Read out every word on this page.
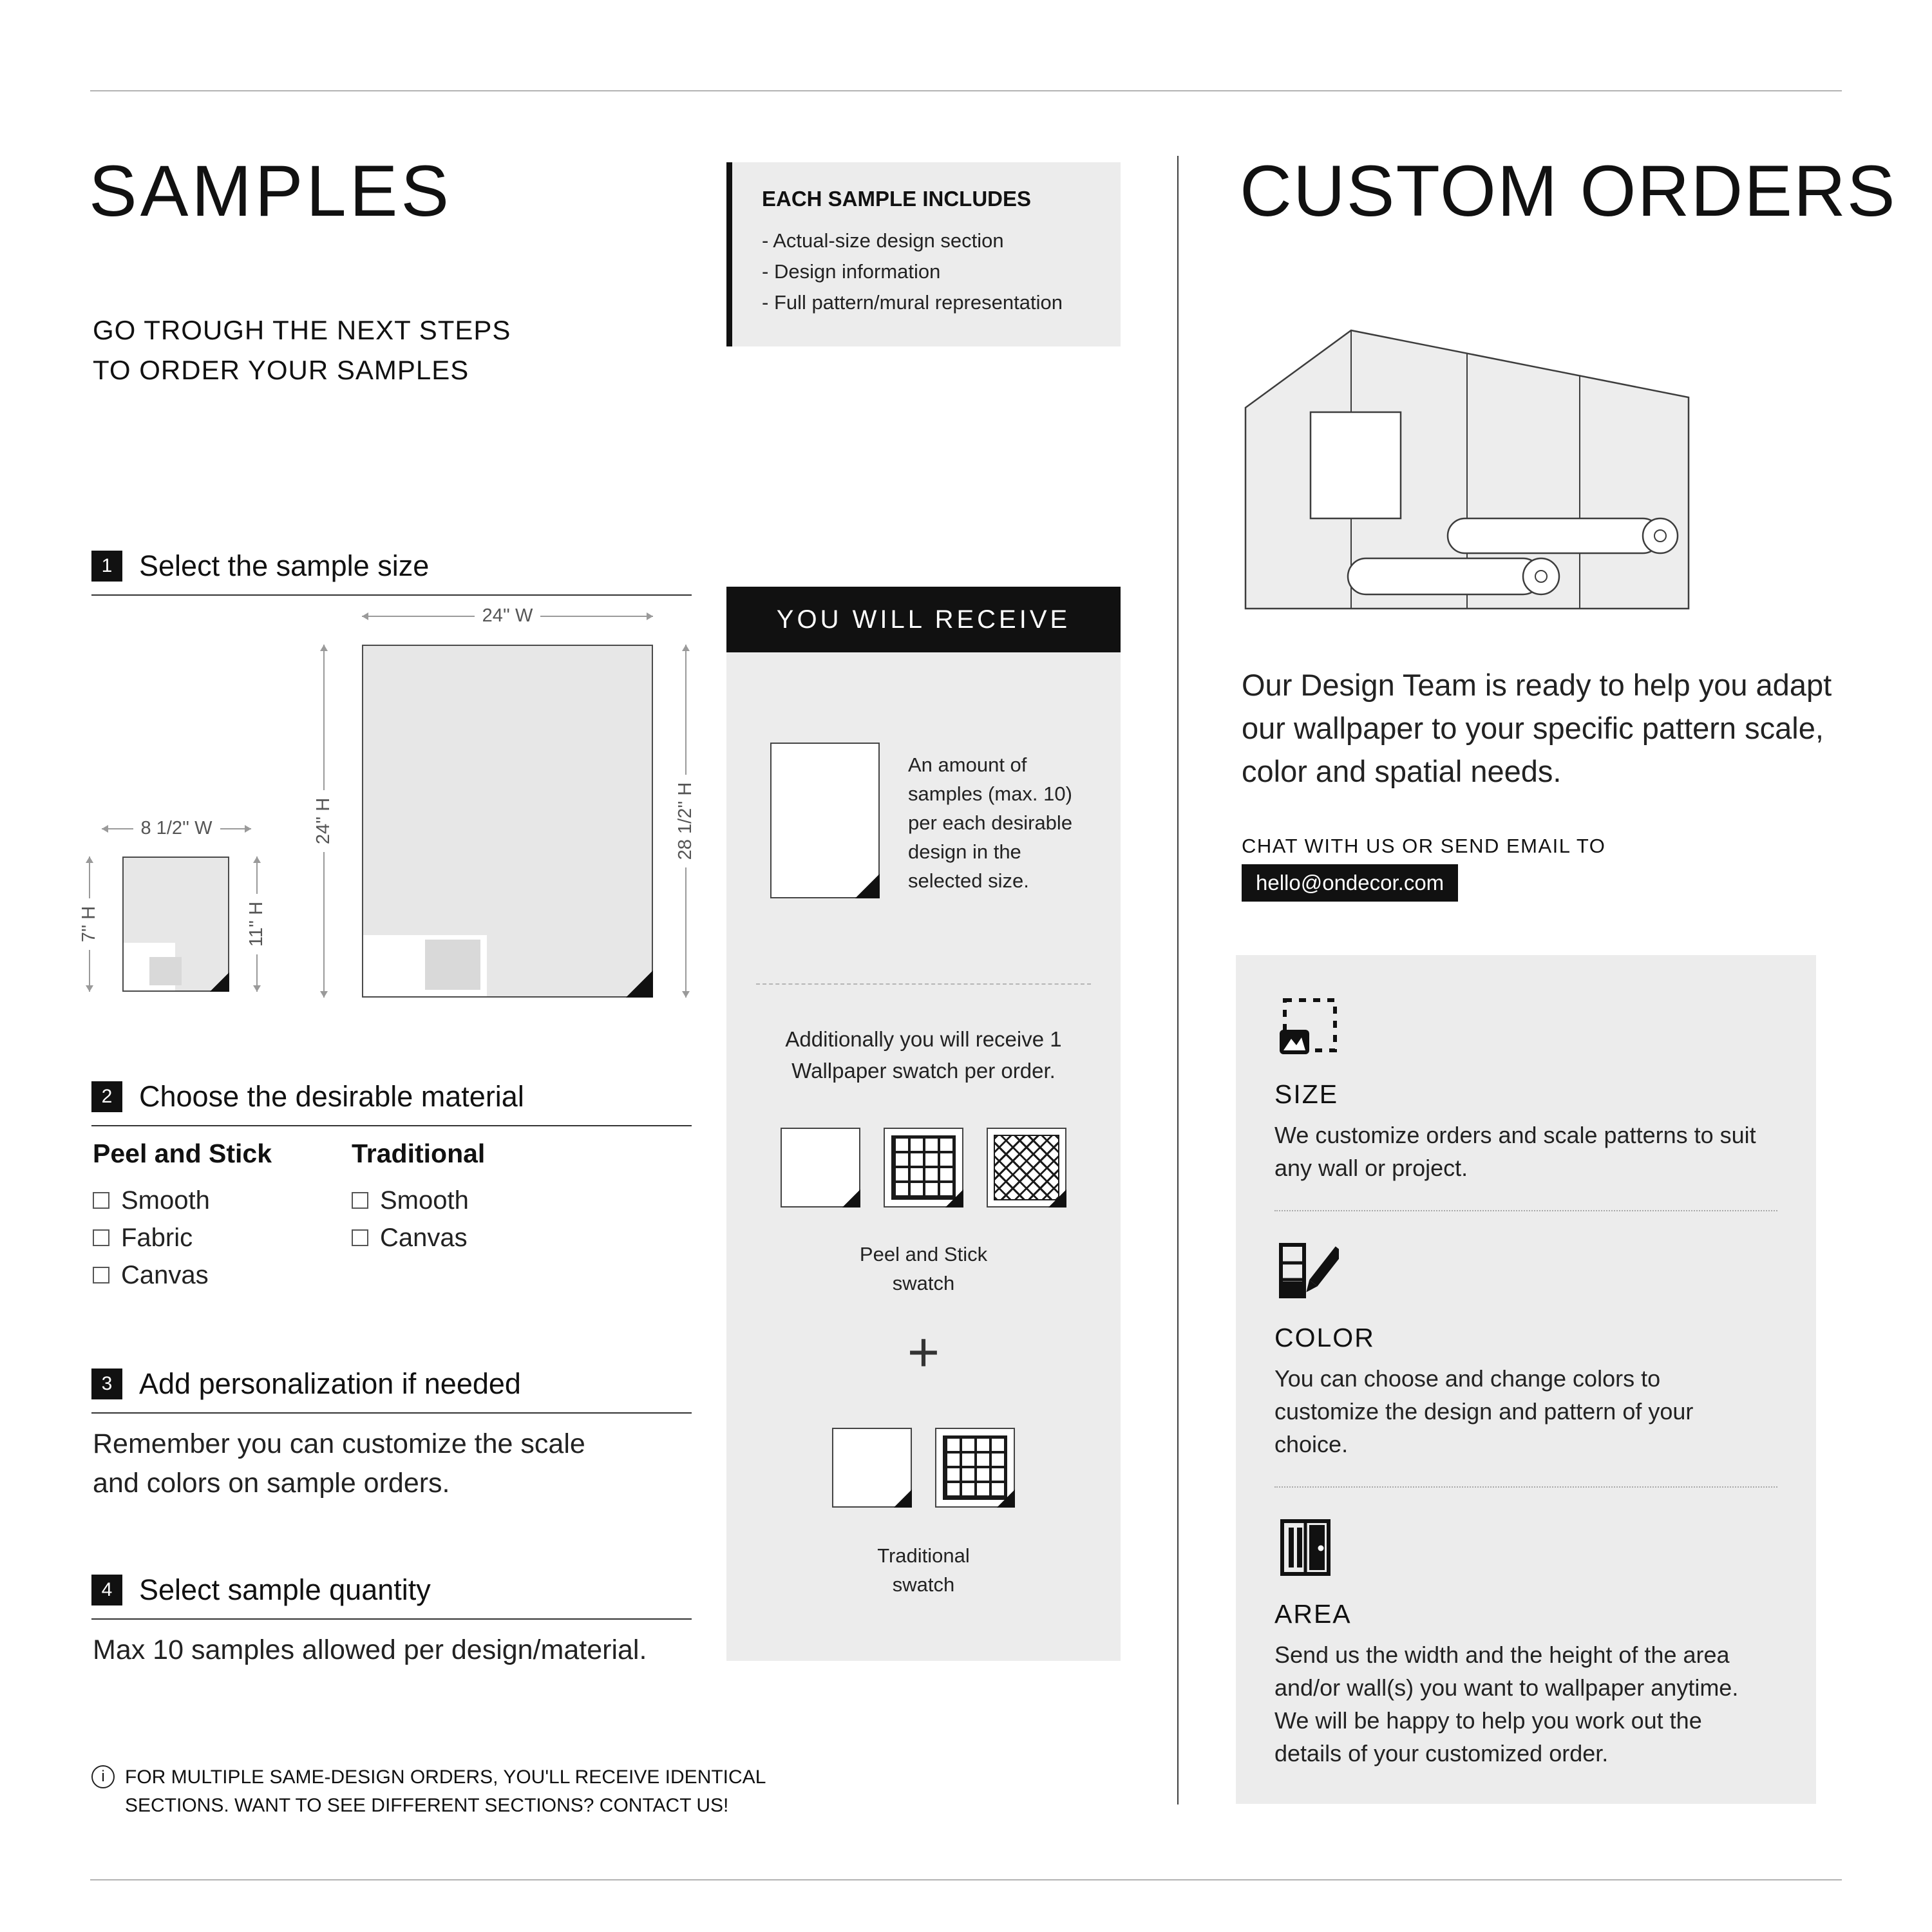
SAMPLES
GO TROUGH THE NEXT STEPS TO ORDER YOUR SAMPLES
EACH SAMPLE INCLUDES
- Actual-size design section
- Design information
- Full pattern/mural representation
1 Select the sample size
24'' W
24'' H	28 1/2'' H
8 1/2'' W
7'' H	11'' H
2 Choose the desirable material
Peel and Stick
Smooth
Fabric
Canvas
Traditional
Smooth
Canvas
3 Add personalization if needed
Remember you can customize the scale and colors on sample orders.
4 Select sample quantity
Max 10 samples allowed per design/material.
i FOR MULTIPLE SAME-DESIGN ORDERS, YOU'LL RECEIVE IDENTICAL SECTIONS. WANT TO SEE DIFFERENT SECTIONS? CONTACT US!
YOU WILL RECEIVE
An amount of samples (max. 10) per each desirable design in the selected size.
Additionally you will receive 1 Wallpaper swatch per order.
Peel and Stick swatch
+
Traditional swatch
CUSTOM ORDERS
Our Design Team is ready to help you adapt our wallpaper to your specific pattern scale, color and spatial needs.
CHAT WITH US OR SEND EMAIL TO
hello@ondecor.com
SIZE
We customize orders and scale patterns to suit any wall or project.
COLOR
You can choose and change colors to customize the design and pattern of your choice.
AREA
Send us the width and the height of the area and/or wall(s) you want to wallpaper anytime. We will be happy to help you work out the details of your customized order.
